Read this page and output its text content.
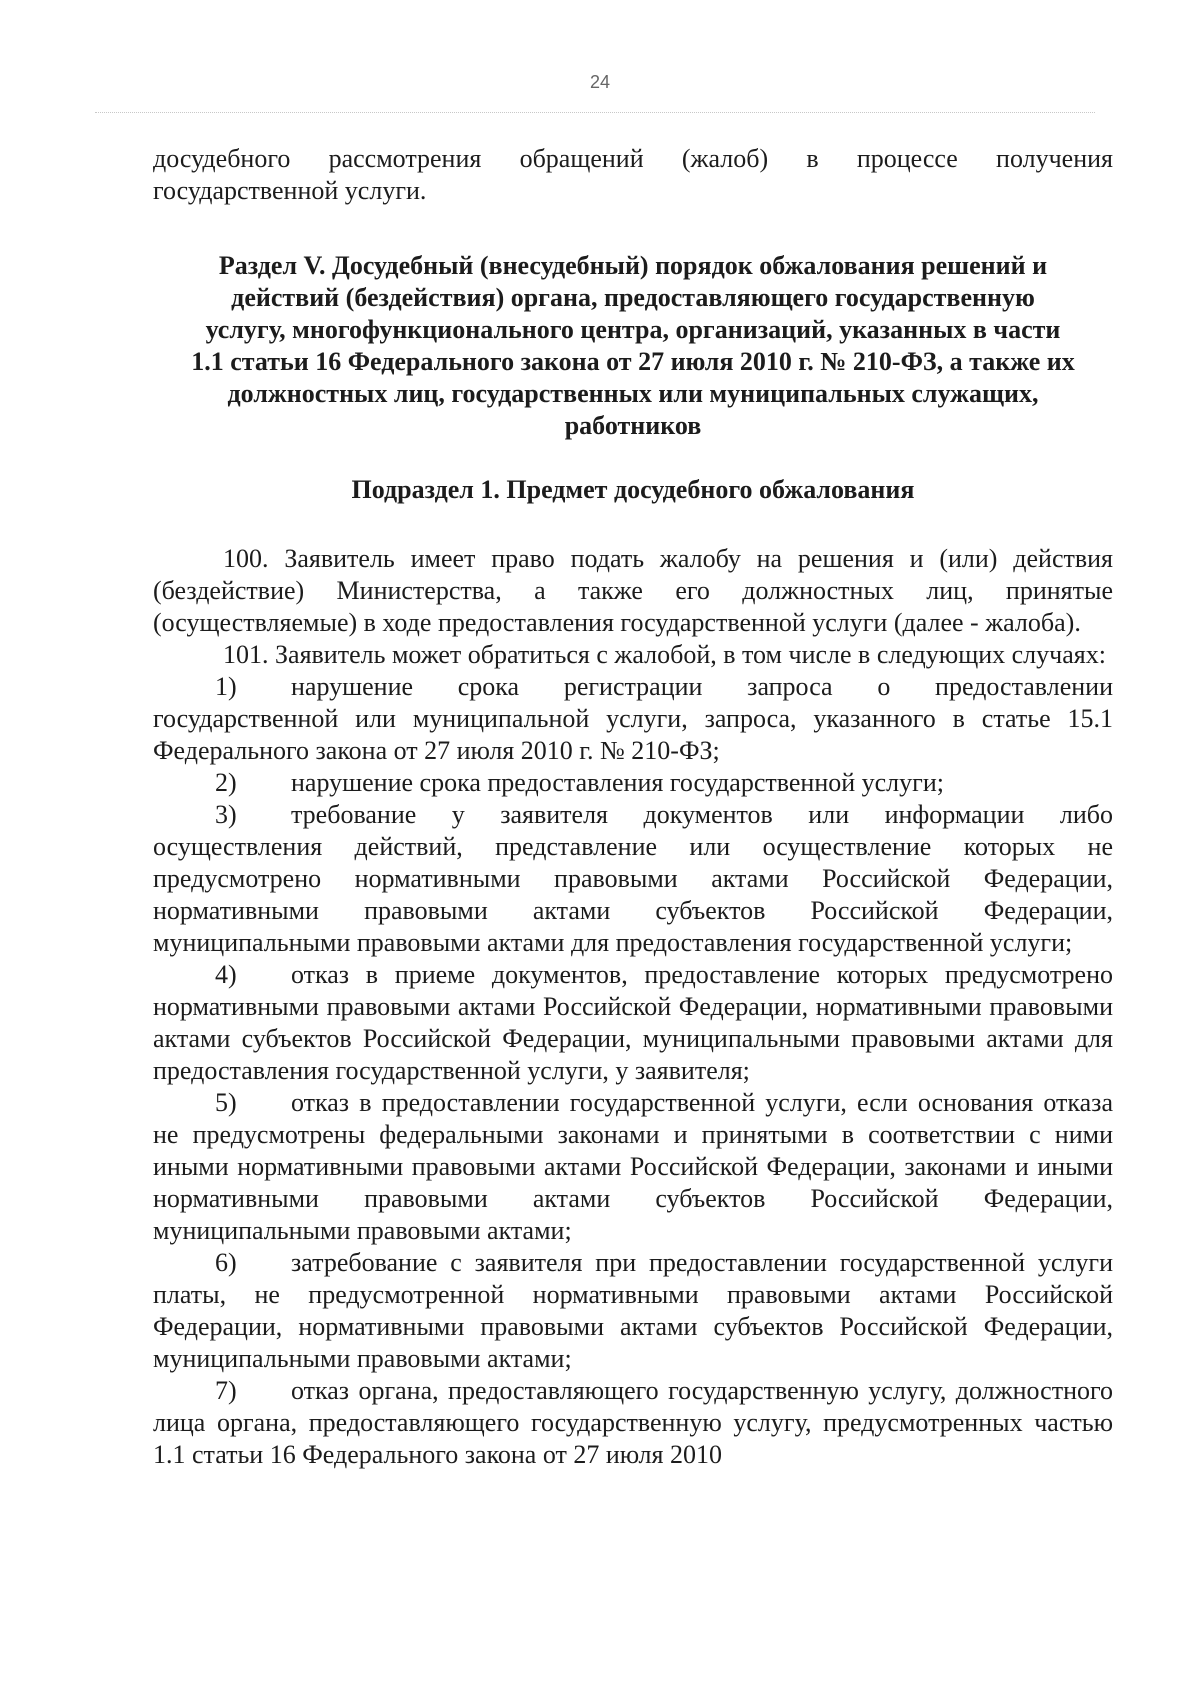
24

досудебного рассмотрения обращений (жалоб) в процессе получения государственной услуги.

Раздел V. Досудебный (внесудебный) порядок обжалования решений и
действий (бездействия) органа, предоставляющего государственную
услугу, многофункционального центра, организаций, указанных в части
1.1 статьи 16 Федерального закона от 27 июля 2010 г. № 210-ФЗ, а также их
должностных лиц, государственных или муниципальных служащих,
работников
Подраздел 1. Предмет досудебного обжалования

100. Заявитель имеет право подать жалобу на решения и (или) действия (бездействие) Министерства, а также его должностных лиц, принятые (осуществляемые) в ходе предоставления государственной услуги (далее - жалоба).

101. Заявитель может обратиться с жалобой, в том числе в следующих случаях:

1) нарушение срока регистрации запроса о предоставлении государственной или муниципальной услуги, запроса, указанного в статье 15.1 Федерального закона от 27 июля 2010 г. № 210-ФЗ;

2) нарушение срока предоставления государственной услуги;

3) требование у заявителя документов или информации либо осуществления действий, представление или осуществление которых не предусмотрено нормативными правовыми актами Российской Федерации, нормативными правовыми актами субъектов Российской Федерации, муниципальными правовыми актами для предоставления государственной услуги;

4) отказ в приеме документов, предоставление которых предусмотрено нормативными правовыми актами Российской Федерации, нормативными правовыми актами субъектов Российской Федерации, муниципальными правовыми актами для предоставления государственной услуги, у заявителя;

5) отказ в предоставлении государственной услуги, если основания отказа не предусмотрены федеральными законами и принятыми в соответствии с ними иными нормативными правовыми актами Российской Федерации, законами и иными нормативными правовыми актами субъектов Российской Федерации, муниципальными правовыми актами;

6) затребование с заявителя при предоставлении государственной услуги платы, не предусмотренной нормативными правовыми актами Российской Федерации, нормативными правовыми актами субъектов Российской Федерации, муниципальными правовыми актами;

7) отказ органа, предоставляющего государственную услугу, должностного лица органа, предоставляющего государственную услугу, предусмотренных частью 1.1 статьи 16 Федерального закона от 27 июля 2010
